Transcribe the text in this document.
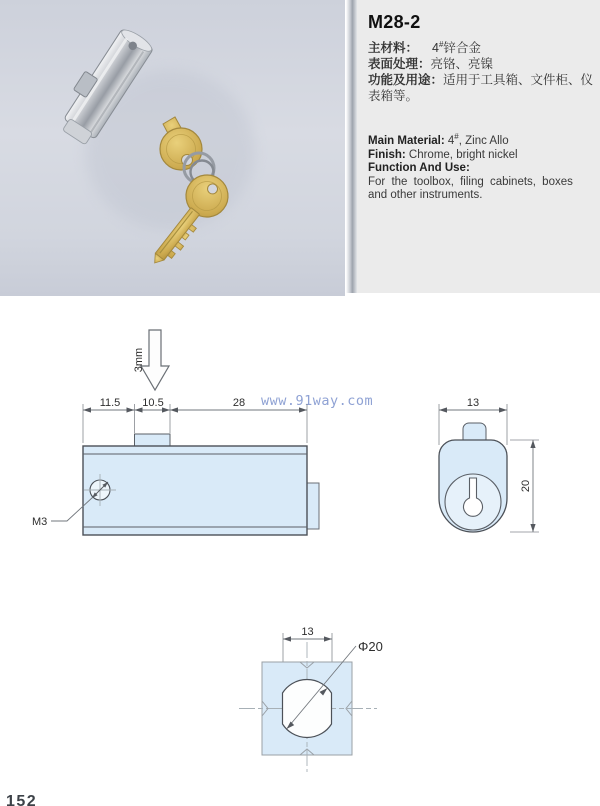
M28-2
主材料： 4#锌合金
表面处理：亮铬、亮镍
功能及用途：适用于工具箱、文件柜、仪表箱等。
Main Material: 4#, Zinc Allo
Finish: Chrome, bright nickel
Function And Use:
For the toolbox, filing cabinets, boxes
and other instruments.
www.91way.com
3mm
11.5 10.5	28
M3
13
20
13
Φ20
152
